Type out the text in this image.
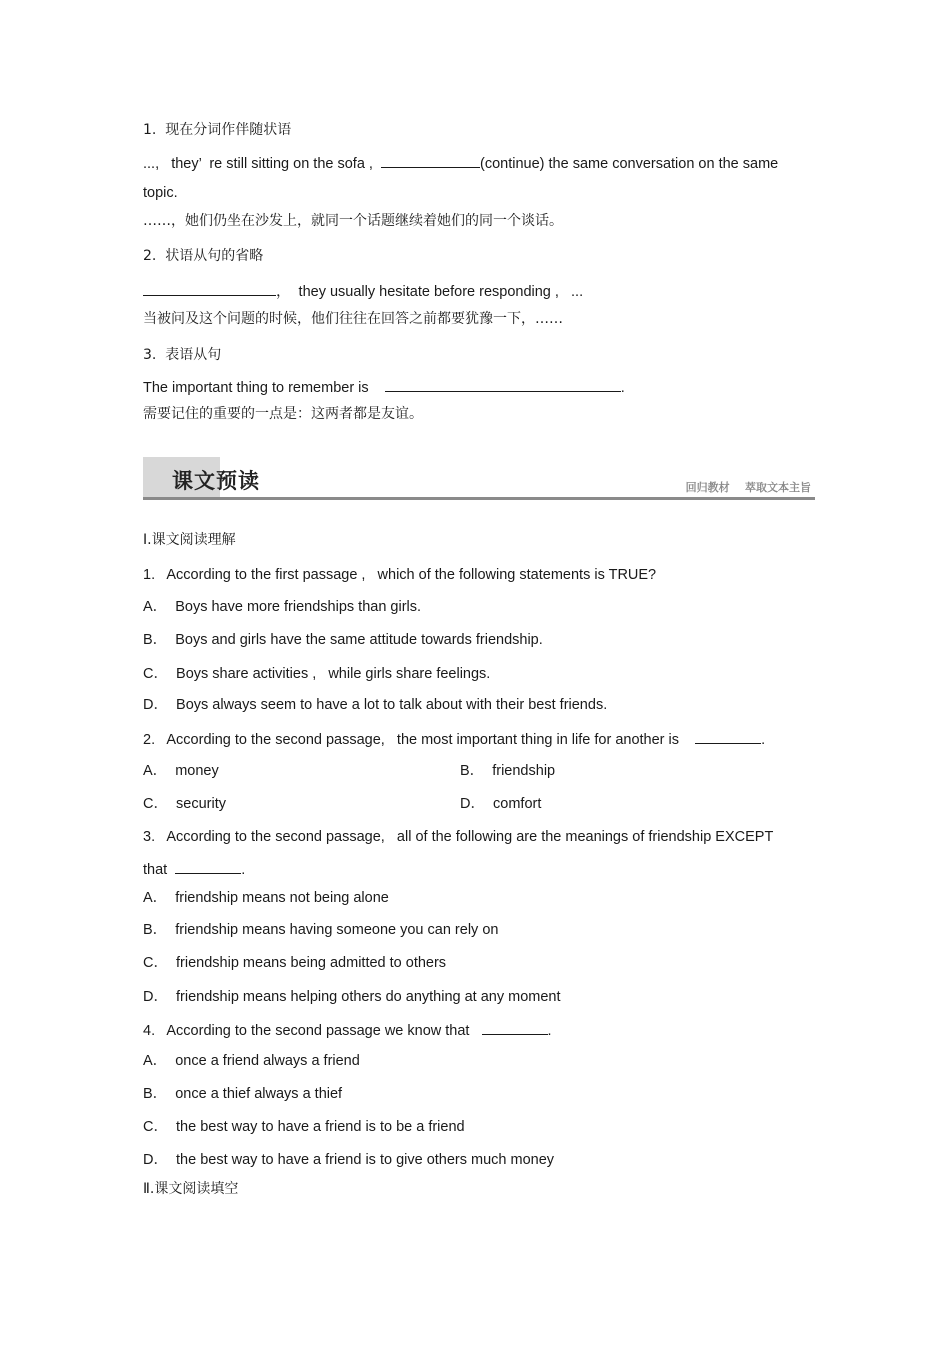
1.  现在分词作伴随状语
...,   they’  re still sitting on the sofa ,	(continue) the same conversation on the same
topic.
……，她们仍坐在沙发上，就同一个话题继续着她们的同一个谈话。
2.  状语从句的省略
，  they usually hesitate before responding ,   ...
当被问及这个问题的时候，他们往往在回答之前都要犹豫一下，……
3.  表语从句
The important thing to remember is	.
需要记住的重要的一点是：这两者都是友谊。
课文预读	回归教材    萃取文本主旨
Ⅰ.课文阅读理解
1.   According to the first passage ,   which of the following statements is TRUE?
A．  Boys have more friendships than girls.
B．  Boys and girls have the same attitude towards friendship.
C．  Boys share activities ,   while girls share feelings.
D．  Boys always seem to have a lot to talk about with their best friends.
2.   According to the second passage,   the most important thing in life for another is	.
A．  money	B．  friendship
C．  security	D．  comfort
3.   According to the second passage,   all of the following are the meanings of friendship EXCEPT
that	.
A．  friendship means not being alone
B．  friendship means having someone you can rely on
C．  friendship means being admitted to others
D．  friendship means helping others do anything at any moment
4.   According to the second passage we know that	.
A．  once a friend always a friend
B．  once a thief always a thief
C．  the best way to have a friend is to be a friend
D．  the best way to have a friend is to give others much money
Ⅱ.课文阅读填空
